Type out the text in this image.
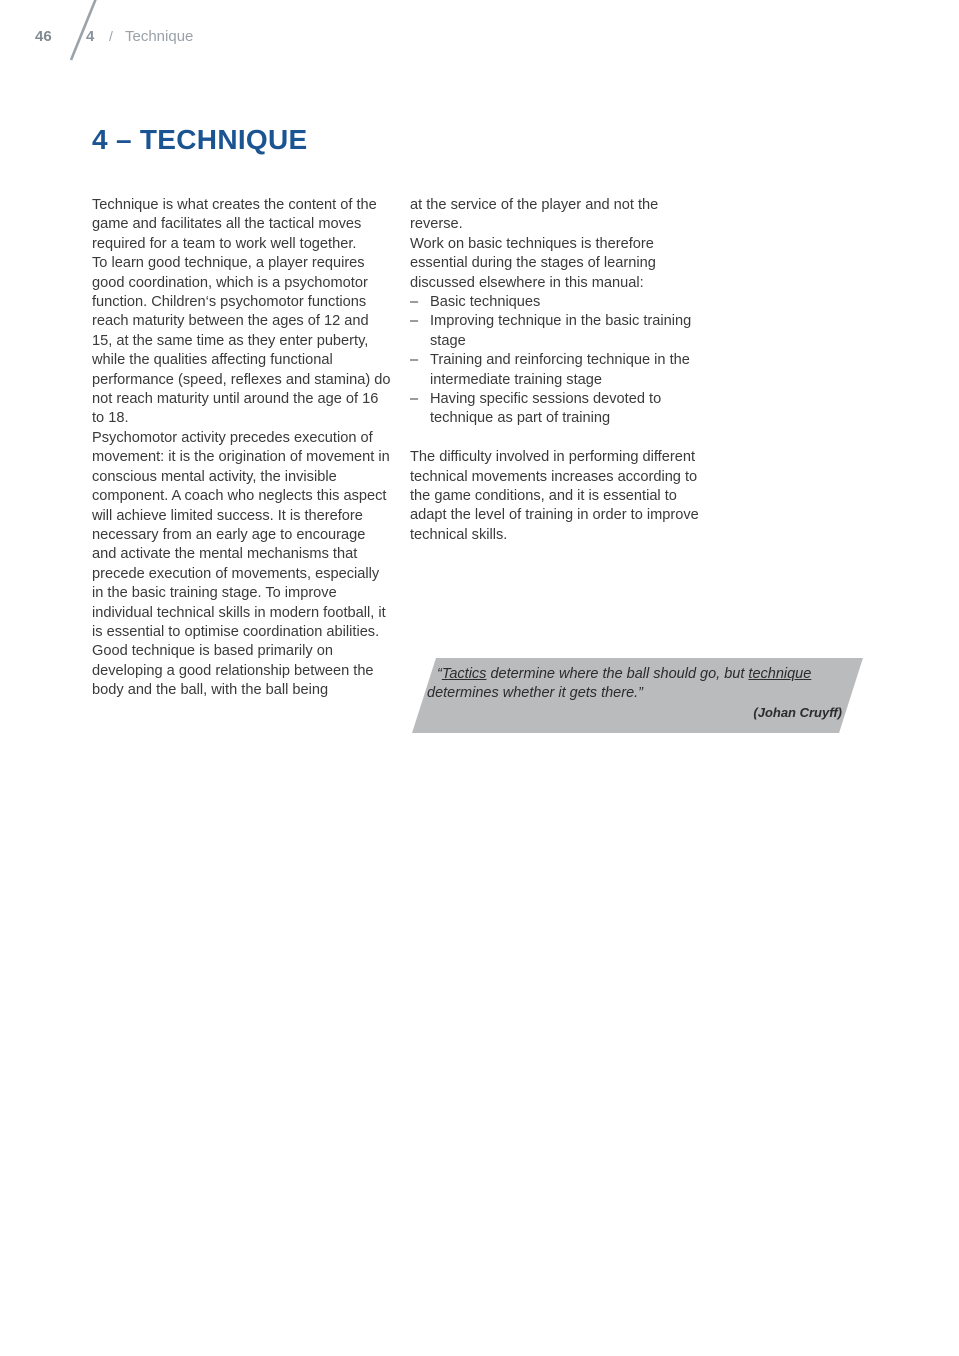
46 4 / Technique
4 – TECHNIQUE

Technique is what creates the content of the game and facilitates all the tactical moves required for a team to work well together.

To learn good technique, a player requires good coordination, which is a psychomotor function. Children‘s psychomotor functions reach maturity between the ages of 12 and 15, at the same time as they enter puberty, while the qualities affecting functional performance (speed, reflexes and stamina) do not reach maturity until around the age of 16 to 18.

Psychomotor activity precedes execution of movement: it is the origination of movement in conscious mental activity, the invisible component. A coach who neglects this aspect will achieve limited success. It is therefore necessary from an early age to encourage and activate the mental mechanisms that precede execution of movements, especially in the basic training stage. To improve individual technical skills in modern football, it is essential to optimise coordination abilities.

Good technique is based primarily on developing a good relationship between the body and the ball, with the ball being

at the service of the player and not the reverse.

Work on basic techniques is therefore essential during the stages of learning discussed elsewhere in this manual:

– Basic techniques
– Improving technique in the basic training stage
– Training and reinforcing technique in the intermediate training stage
– Having specific sessions devoted to technique as part of training

The difficulty involved in performing different technical movements increases according to the game conditions, and it is essential to adapt the level of training in order to improve technical skills.

“Tactics determine where the ball should go, but technique determines whether it gets there.”
(Johan Cruyff)
